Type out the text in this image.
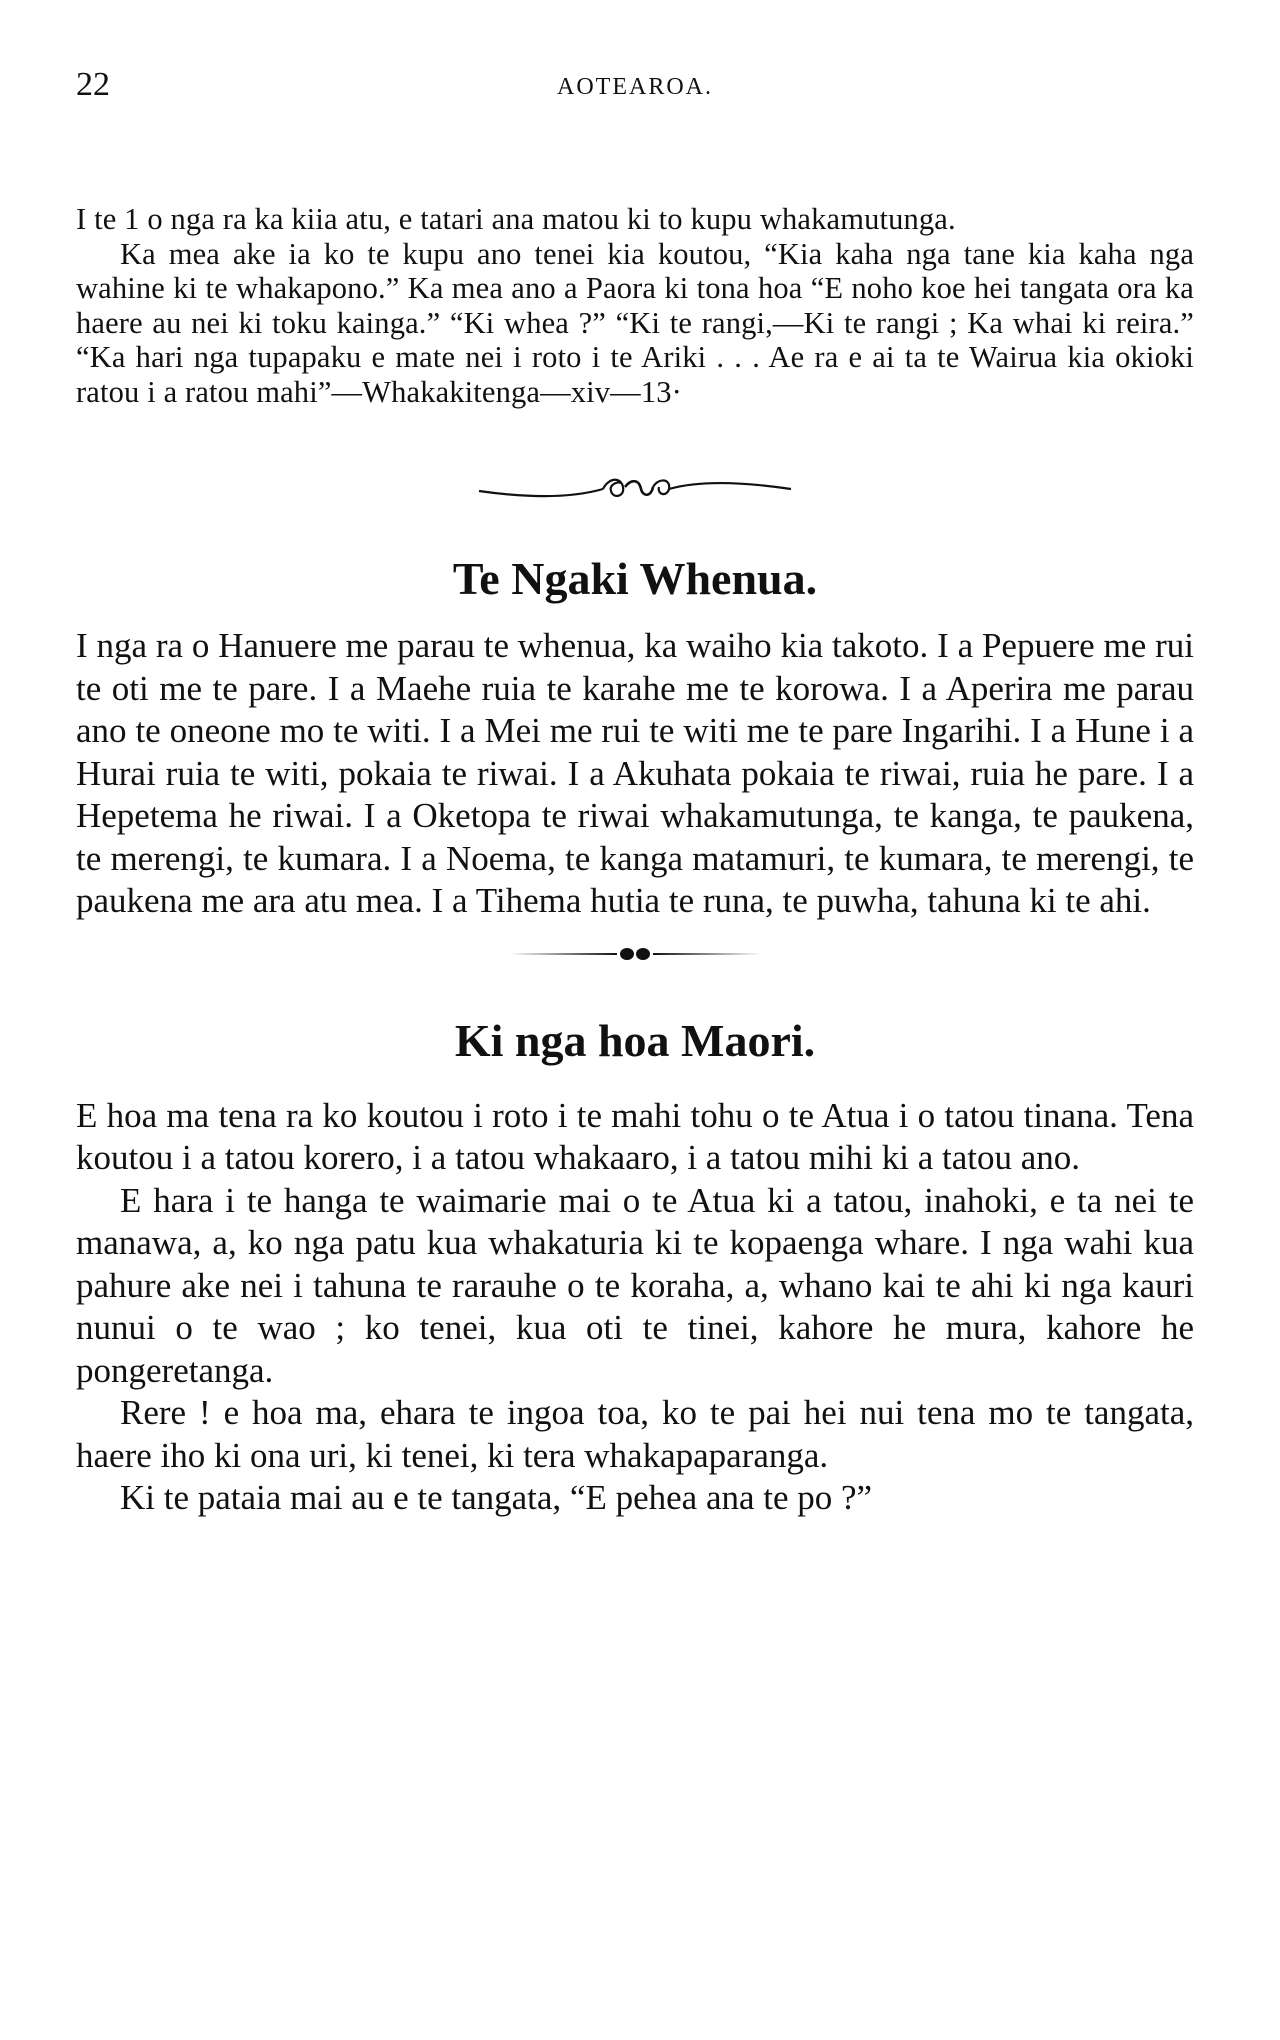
22	AOTEAROA.

I te 1 o nga ra ka kiia atu, e tatari ana matou ki to kupu whakamutunga.

Ka mea ake ia ko te kupu ano tenei kia koutou, “Kia kaha nga tane kia kaha nga wahine ki te whakapono.” Ka mea ano a Paora ki tona hoa “E noho koe hei tangata ora ka haere au nei ki toku kainga.” “Ki whea ?” “Ki te rangi,—Ki te rangi ; Ka whai ki reira.” “Ka hari nga tupapaku e mate nei i roto i te Ariki . . . Ae ra e ai ta te Wairua kia okioki ratou i a ratou mahi”—Whakakitenga—xiv—13·

Te Ngaki Whenua.

I nga ra o Hanuere me parau te whenua, ka waiho kia takoto. I a Pepuere me rui te oti me te pare. I a Maehe ruia te karahe me te korowa. I a Aperira me parau ano te oneone mo te witi. I a Mei me rui te witi me te pare Ingarihi. I a Hune i a Hurai ruia te witi, pokaia te riwai. I a Akuhata pokaia te riwai, ruia he pare. I a Hepetema he riwai. I a Oketopa te riwai whakamutunga, te kanga, te paukena, te merengi, te kumara. I a Noema, te kanga matamuri, te kumara, te merengi, te paukena me ara atu mea. I a Tihema hutia te runa, te puwha, tahuna ki te ahi.

Ki nga hoa Maori.

E hoa ma tena ra ko koutou i roto i te mahi tohu o te Atua i o tatou tinana. Tena koutou i a tatou korero, i a tatou whakaaro, i a tatou mihi ki a tatou ano.

E hara i te hanga te waimarie mai o te Atua ki a tatou, inahoki, e ta nei te manawa, a, ko nga patu kua whakaturia ki te kopaenga whare. I nga wahi kua pahure ake nei i tahuna te rarauhe o te koraha, a, whano kai te ahi ki nga kauri nunui o te wao ; ko tenei, kua oti te tinei, kahore he mura, kahore he pongeretanga.

Rere ! e hoa ma, ehara te ingoa toa, ko te pai hei nui tena mo te tangata, haere iho ki ona uri, ki tenei, ki tera whakapaparanga.

Ki te pataia mai au e te tangata, “E pehea ana te po ?”
